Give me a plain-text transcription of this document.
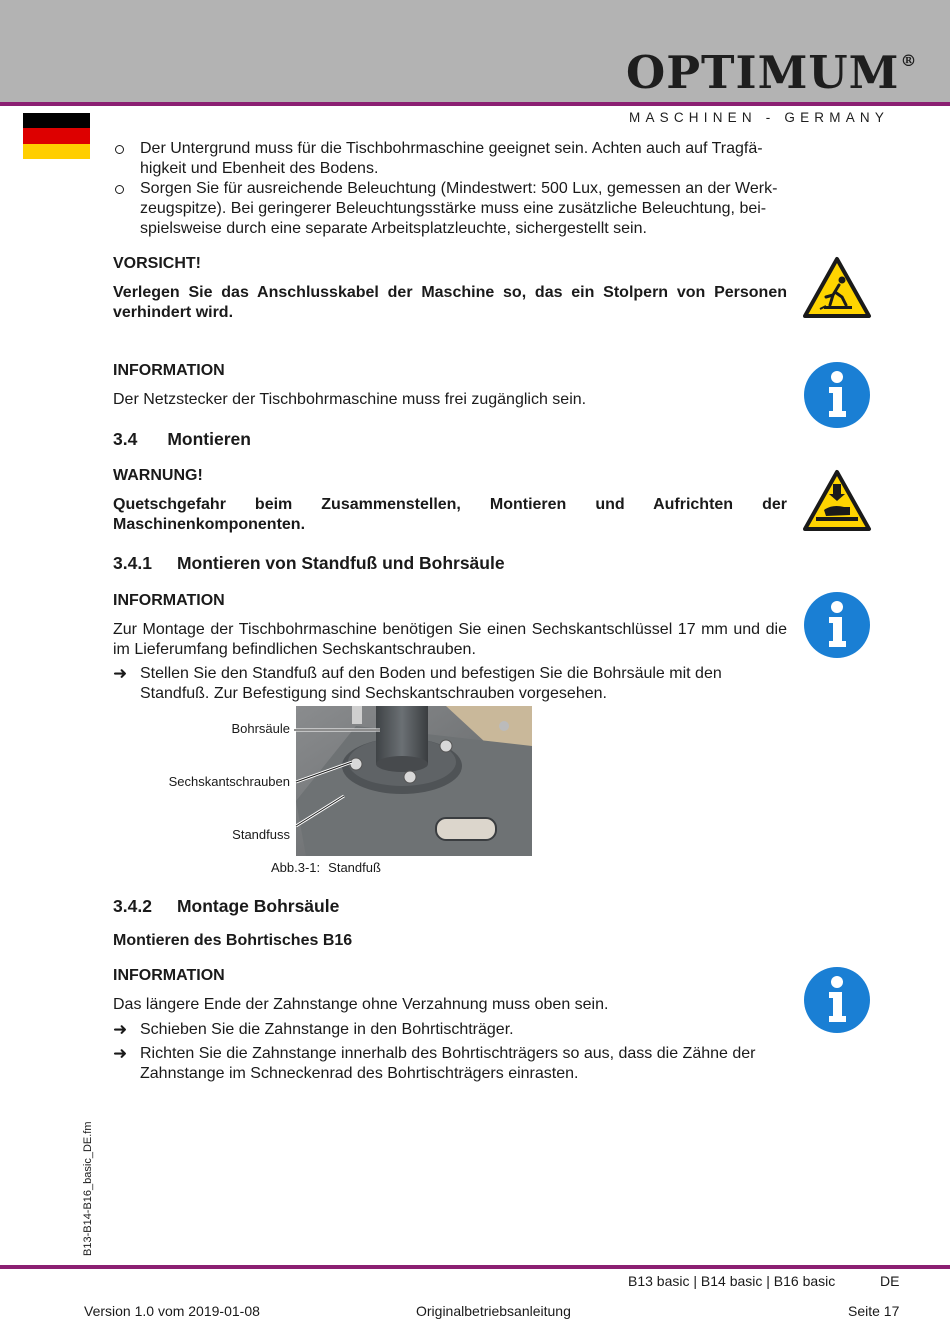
OPTIMUM®
MASCHINEN - GERMANY
Der Untergrund muss für die Tischbohrmaschine geeignet sein. Achten auch auf Tragfä-
higkeit und Ebenheit des Bodens.
Sorgen Sie für ausreichende Beleuchtung (Mindestwert: 500 Lux, gemessen an der Werk-
zeugspitze). Bei geringerer Beleuchtungsstärke muss eine zusätzliche Beleuchtung, bei-
spielsweise durch eine separate Arbeitsplatzleuchte, sichergestellt sein.

VORSICHT!

Verlegen Sie das Anschlusskabel der Maschine so, das ein Stolpern von Personen
verhindert wird.

INFORMATION

Der Netzstecker der Tischbohrmaschine muss frei zugänglich sein.

3.4 Montieren

WARNUNG!

Quetschgefahr beim Zusammenstellen, Montieren und Aufrichten der
Maschinenkomponenten.
3.4.1 Montieren von Standfuß und Bohrsäule

INFORMATION

Zur Montage der Tischbohrmaschine benötigen Sie einen Sechskantschlüssel 17 mm und die
im Lieferumfang befindlichen Sechskantschrauben.
➜ Stellen Sie den Standfuß auf den Boden und befestigen Sie die Bohrsäule mit den
Standfuß. Zur Befestigung sind Sechskantschrauben vorgesehen.
Bohrsäule
Sechskantschrauben
Standfuss
Abb.3-1: Standfuß
3.4.2 Montage Bohrsäule

Montieren des Bohrtisches B16

INFORMATION

Das längere Ende der Zahnstange ohne Verzahnung muss oben sein.

➜ Schieben Sie die Zahnstange in den Bohrtischträger.
➜ Richten Sie die Zahnstange innerhalb des Bohrtischträgers so aus, dass die Zähne der
Zahnstange im Schneckenrad des Bohrtischträgers einrasten.
B13-B14-B16_basic_DE.fm
B13 basic | B14 basic | B16 basic	DE
Version 1.0 vom 2019-01-08	Originalbetriebsanleitung	Seite 17
